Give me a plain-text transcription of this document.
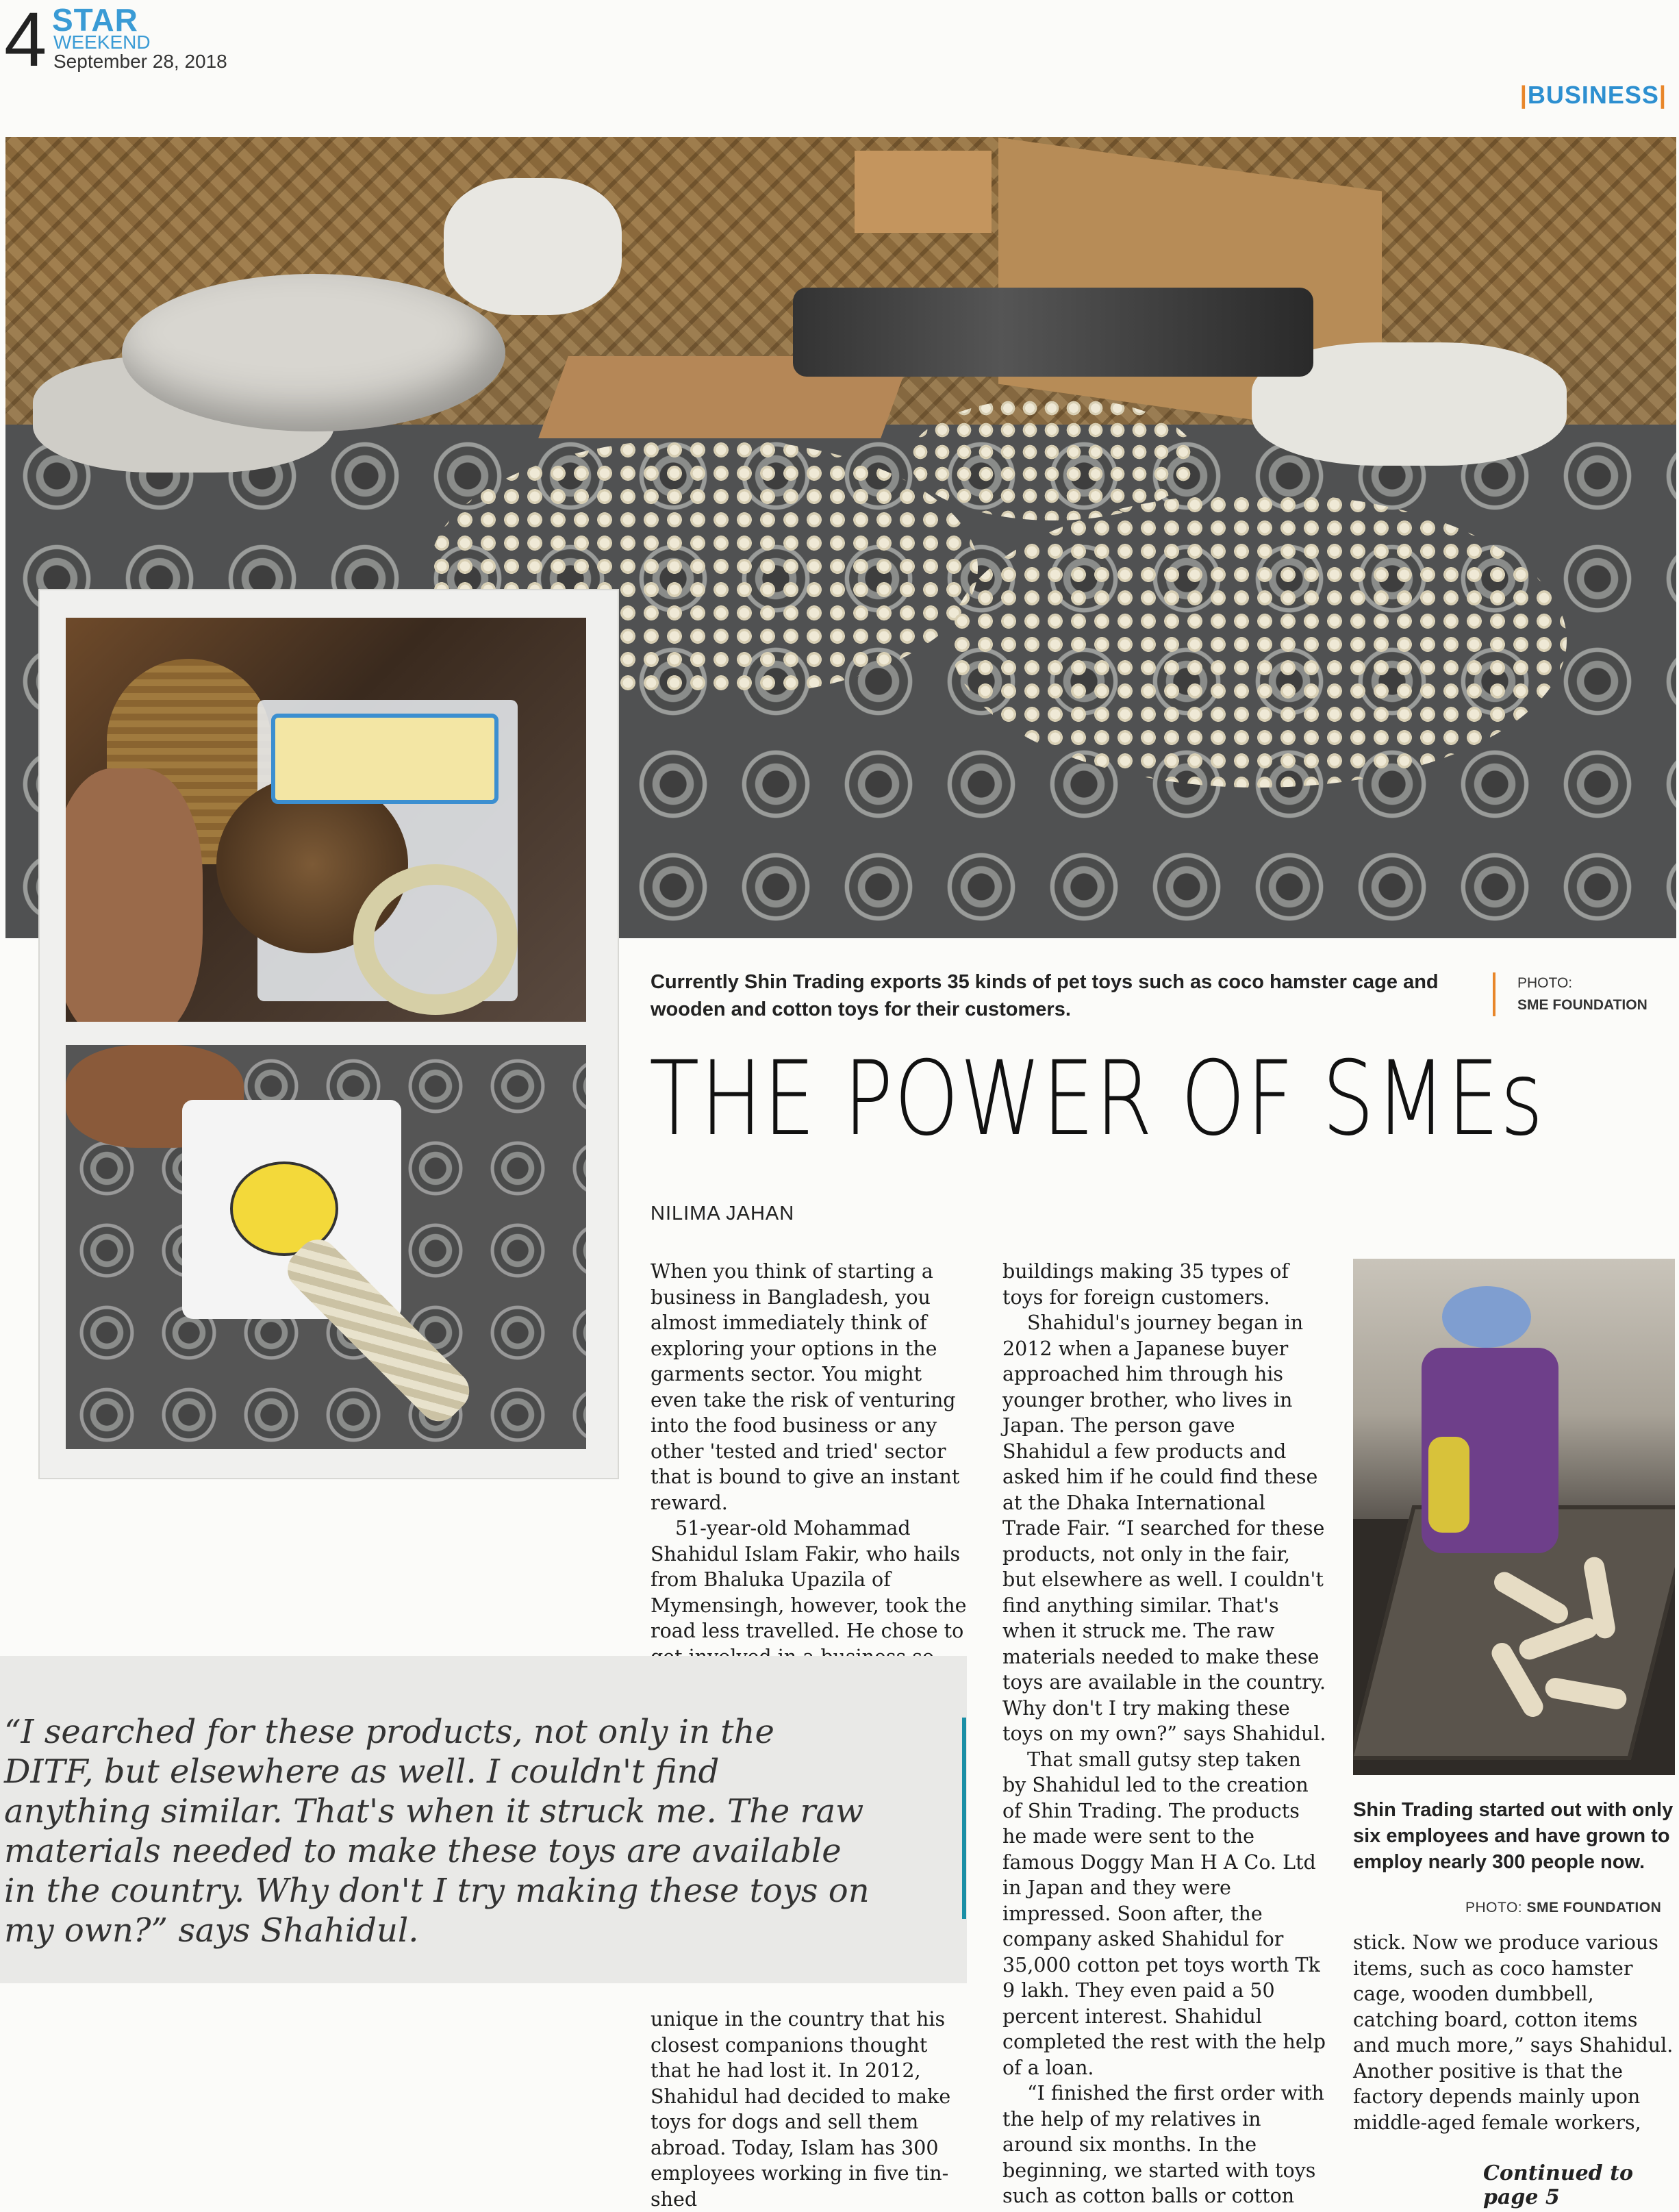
4 STAR
WEEKEND
September 28, 2018
|BUSINESS|
Currently Shin Trading exports 35 kinds of pet toys such as coco hamster cage and wooden and cotton toys for their customers.
PHOTO:
SME FOUNDATION
THE POWER OF SMEs
NILIMA JAHAN

When you think of starting a business in Bangladesh, you almost immediately think of exploring your options in the garments sector. You might even take the risk of venturing into the food business or any other 'tested and tried' sector that is bound to give an instant reward.

51-year-old Mohammad Shahidul Islam Fakir, who hails from Bhaluka Upazila of Mymensingh, however, took the road less travelled. He chose to

“I searched for these products, not only in the DITF, but elsewhere as well. I couldn't find anything similar. That's when it struck me. The raw materials needed to make these toys are available in the country. Why don't I try making these toys on my own?” says Shahidul.

unique in the country that his closest companions thought that he had lost it. In 2012, Shahidul had decided to make toys for dogs and sell them abroad. Today, Islam has 300 employees working in five tin-shed

buildings making 35 types of toys for foreign customers.

Shahidul's journey began in 2012 when a Japanese buyer approached him through his younger brother, who lives in Japan. The person gave Shahidul a few products and asked him if he could find these at the Dhaka International Trade Fair. “I searched for these products, not only in the fair, but elsewhere as well. I couldn't find anything similar. That's when it struck me. The raw materials needed to make these toys are available in the country. Why don't I try making these toys on my own?” says Shahidul.

That small gutsy step taken by Shahidul led to the creation of Shin Trading. The products he made were sent to the famous Doggy Man H A Co. Ltd in Japan and they were impressed. Soon after, the company asked Shahidul for 35,000 cotton pet toys worth Tk 9 lakh. They even paid a 50 percent interest. Shahidul completed the rest with the help of a loan.

“I finished the first order with the help of my relatives in around six months. In the beginning, we started with toys such as cotton balls or cotton

Shin Trading started out with only six employees and have grown to employ nearly 300 people now.
PHOTO: SME FOUNDATION

stick. Now we produce various items, such as coco hamster cage, wooden dumbbell, catching board, cotton items and much more,” says Shahidul. Another positive is that the factory depends mainly upon middle-aged female workers,

Continued to page 5
